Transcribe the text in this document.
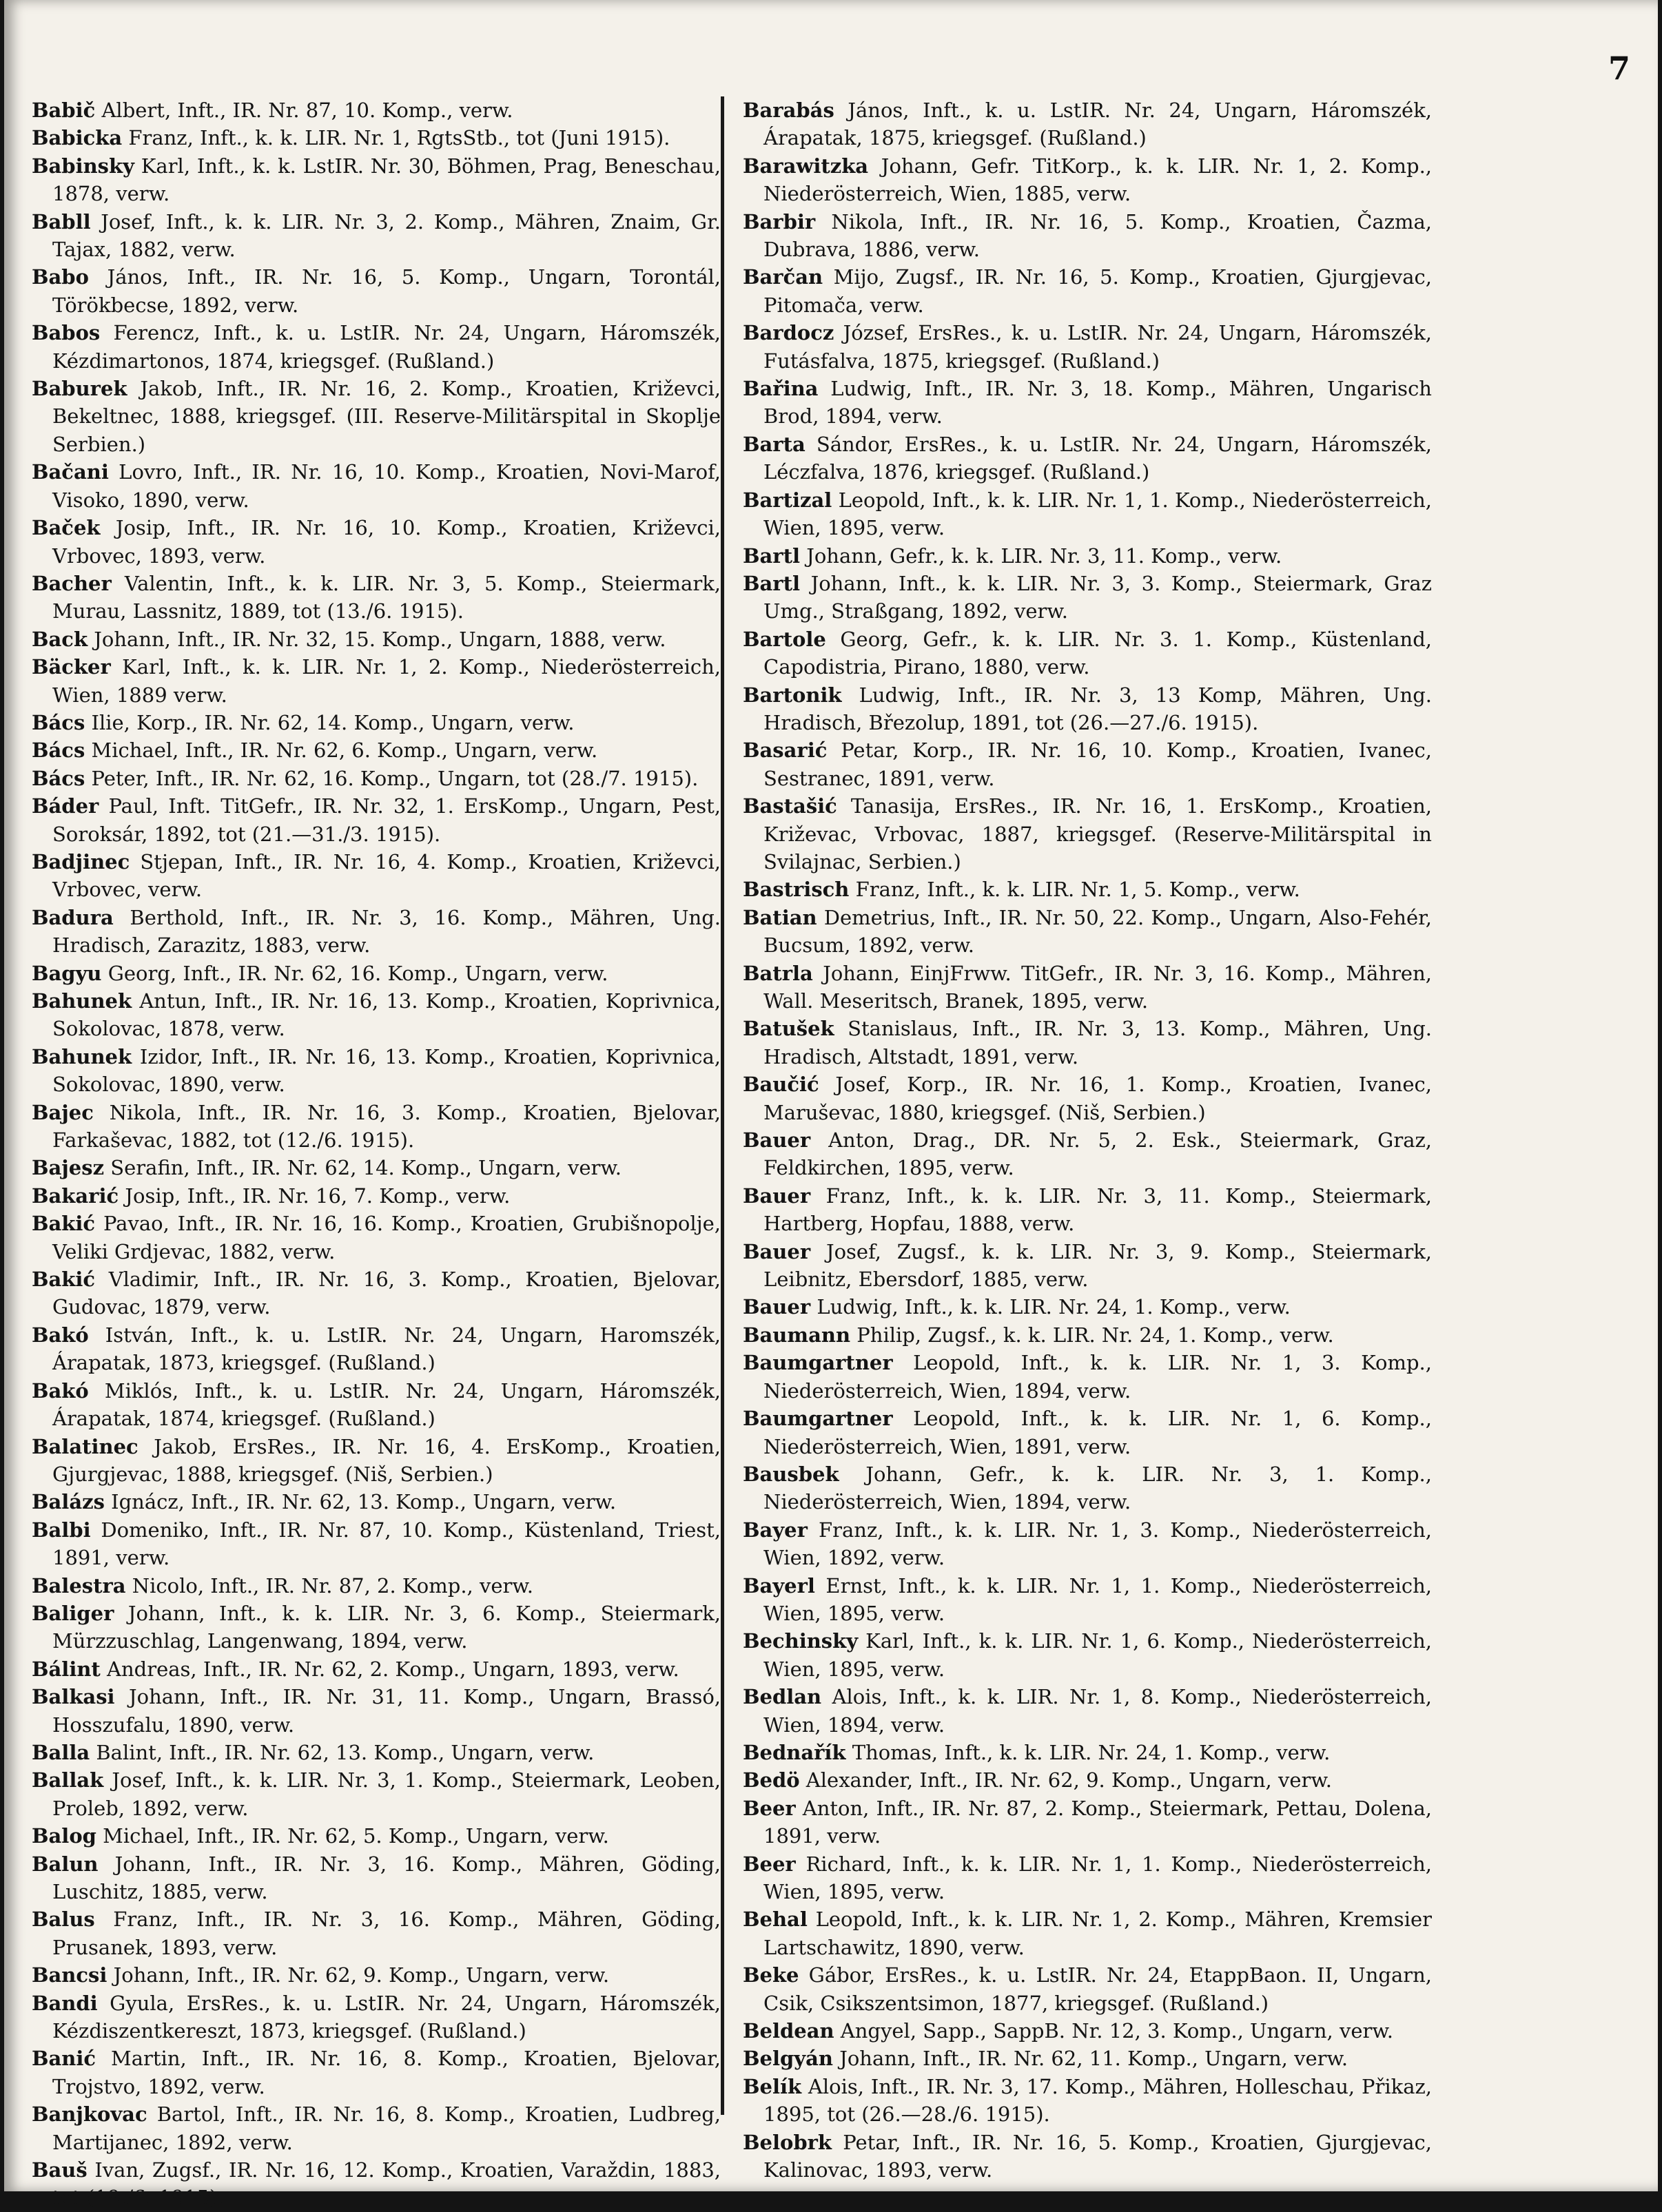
7
Babič Albert, Inft., IR. Nr. 87, 10. Komp., verw.
Babicka Franz, Inft., k. k. LIR. Nr. 1, RgtsStb., tot (Juni 1915).
Babinsky Karl, Inft., k. k. LstIR. Nr. 30, Böhmen, Prag, Beneschau, 1878, verw.
Babll Josef, Inft., k. k. LIR. Nr. 3, 2. Komp., Mähren, Znaim, Gr. Tajax, 1882, verw.
Babo János, Inft., IR. Nr. 16, 5. Komp., Ungarn, Torontál, Törökbecse, 1892, verw.
Babos Ferencz, Inft., k. u. LstIR. Nr. 24, Ungarn, Háromszék, Kézdimartonos, 1874, kriegsgef. (Rußland.)
Baburek Jakob, Inft., IR. Nr. 16, 2. Komp., Kroatien, Križevci, Bekeltnec, 1888, kriegsgef. (III. Reserve-Militärspital in Skoplje Serbien.)
Bačani Lovro, Inft., IR. Nr. 16, 10. Komp., Kroatien, Novi-Marof, Visoko, 1890, verw.
Baček Josip, Inft., IR. Nr. 16, 10. Komp., Kroatien, Križevci, Vrbovec, 1893, verw.
Bacher Valentin, Inft., k. k. LIR. Nr. 3, 5. Komp., Steiermark, Murau, Lassnitz, 1889, tot (13./6. 1915).
Back Johann, Inft., IR. Nr. 32, 15. Komp., Ungarn, 1888, verw.
Bäcker Karl, Inft., k. k. LIR. Nr. 1, 2. Komp., Niederösterreich, Wien, 1889 verw.
Bács Ilie, Korp., IR. Nr. 62, 14. Komp., Ungarn, verw.
Bács Michael, Inft., IR. Nr. 62, 6. Komp., Ungarn, verw.
Bács Peter, Inft., IR. Nr. 62, 16. Komp., Ungarn, tot (28./7. 1915).
Báder Paul, Inft. TitGefr., IR. Nr. 32, 1. ErsKomp., Ungarn, Pest, Soroksár, 1892, tot (21.—31./3. 1915).
Badjinec Stjepan, Inft., IR. Nr. 16, 4. Komp., Kroatien, Križevci, Vrbovec, verw.
Badura Berthold, Inft., IR. Nr. 3, 16. Komp., Mähren, Ung. Hradisch, Zarazitz, 1883, verw.
Bagyu Georg, Inft., IR. Nr. 62, 16. Komp., Ungarn, verw.
Bahunek Antun, Inft., IR. Nr. 16, 13. Komp., Kroatien, Koprivnica, Sokolovac, 1878, verw.
Bahunek Izidor, Inft., IR. Nr. 16, 13. Komp., Kroatien, Koprivnica, Sokolovac, 1890, verw.
Bajec Nikola, Inft., IR. Nr. 16, 3. Komp., Kroatien, Bjelovar, Farkaševac, 1882, tot (12./6. 1915).
Bajesz Serafin, Inft., IR. Nr. 62, 14. Komp., Ungarn, verw.
Bakarić Josip, Inft., IR. Nr. 16, 7. Komp., verw.
Bakić Pavao, Inft., IR. Nr. 16, 16. Komp., Kroatien, Grubišnopolje, Veliki Grdjevac, 1882, verw.
Bakić Vladimir, Inft., IR. Nr. 16, 3. Komp., Kroatien, Bjelovar, Gudovac, 1879, verw.
Bakó István, Inft., k. u. LstIR. Nr. 24, Ungarn, Haromszék, Árapatak, 1873, kriegsgef. (Rußland.)
Bakó Miklós, Inft., k. u. LstIR. Nr. 24, Ungarn, Háromszék, Árapatak, 1874, kriegsgef. (Rußland.)
Balatinec Jakob, ErsRes., IR. Nr. 16, 4. ErsKomp., Kroatien, Gjurgjevac, 1888, kriegsgef. (Niš, Serbien.)
Balázs Ignácz, Inft., IR. Nr. 62, 13. Komp., Ungarn, verw.
Balbi Domeniko, Inft., IR. Nr. 87, 10. Komp., Küstenland, Triest, 1891, verw.
Balestra Nicolo, Inft., IR. Nr. 87, 2. Komp., verw.
Baliger Johann, Inft., k. k. LIR. Nr. 3, 6. Komp., Steiermark, Mürzzuschlag, Langenwang, 1894, verw.
Bálint Andreas, Inft., IR. Nr. 62, 2. Komp., Ungarn, 1893, verw.
Balkasi Johann, Inft., IR. Nr. 31, 11. Komp., Ungarn, Brassó, Hosszufalu, 1890, verw.
Balla Balint, Inft., IR. Nr. 62, 13. Komp., Ungarn, verw.
Ballak Josef, Inft., k. k. LIR. Nr. 3, 1. Komp., Steiermark, Leoben, Proleb, 1892, verw.
Balog Michael, Inft., IR. Nr. 62, 5. Komp., Ungarn, verw.
Balun Johann, Inft., IR. Nr. 3, 16. Komp., Mähren, Göding, Luschitz, 1885, verw.
Balus Franz, Inft., IR. Nr. 3, 16. Komp., Mähren, Göding, Prusanek, 1893, verw.
Bancsi Johann, Inft., IR. Nr. 62, 9. Komp., Ungarn, verw.
Bandi Gyula, ErsRes., k. u. LstIR. Nr. 24, Ungarn, Háromszék, Kézdiszentkereszt, 1873, kriegsgef. (Rußland.)
Banić Martin, Inft., IR. Nr. 16, 8. Komp., Kroatien, Bjelovar, Trojstvo, 1892, verw.
Banjkovac Bartol, Inft., IR. Nr. 16, 8. Komp., Kroatien, Ludbreg, Martijanec, 1892, verw.
Bauš Ivan, Zugsf., IR. Nr. 16, 12. Komp., Kroatien, Varaždin, 1883, tot (19./6. 1915).
Barabás János, Inft., k. u. LstIR. Nr. 24, Ungarn, Háromszék, Árapatak, 1875, kriegsgef. (Rußland.)
Barawitzka Johann, Gefr. TitKorp., k. k. LIR. Nr. 1, 2. Komp., Niederösterreich, Wien, 1885, verw.
Barbir Nikola, Inft., IR. Nr. 16, 5. Komp., Kroatien, Čazma, Dubrava, 1886, verw.
Barčan Mijo, Zugsf., IR. Nr. 16, 5. Komp., Kroatien, Gjurgjevac, Pitomača, verw.
Bardocz József, ErsRes., k. u. LstIR. Nr. 24, Ungarn, Háromszék, Futásfalva, 1875, kriegsgef. (Rußland.)
Bařina Ludwig, Inft., IR. Nr. 3, 18. Komp., Mähren, Ungarisch Brod, 1894, verw.
Barta Sándor, ErsRes., k. u. LstIR. Nr. 24, Ungarn, Háromszék, Léczfalva, 1876, kriegsgef. (Rußland.)
Bartizal Leopold, Inft., k. k. LIR. Nr. 1, 1. Komp., Niederösterreich, Wien, 1895, verw.
Bartl Johann, Gefr., k. k. LIR. Nr. 3, 11. Komp., verw.
Bartl Johann, Inft., k. k. LIR. Nr. 3, 3. Komp., Steiermark, Graz Umg., Straßgang, 1892, verw.
Bartole Georg, Gefr., k. k. LIR. Nr. 3. 1. Komp., Küstenland, Capodistria, Pirano, 1880, verw.
Bartonik Ludwig, Inft., IR. Nr. 3, 13 Komp, Mähren, Ung. Hradisch, Březolup, 1891, tot (26.—27./6. 1915).
Basarić Petar, Korp., IR. Nr. 16, 10. Komp., Kroatien, Ivanec, Sestranec, 1891, verw.
Bastašić Tanasija, ErsRes., IR. Nr. 16, 1. ErsKomp., Kroatien, Križevac, Vrbovac, 1887, kriegsgef. (Reserve-Militärspital in Svilajnac, Serbien.)
Bastrisch Franz, Inft., k. k. LIR. Nr. 1, 5. Komp., verw.
Batian Demetrius, Inft., IR. Nr. 50, 22. Komp., Ungarn, Also-Fehér, Bucsum, 1892, verw.
Batrla Johann, EinjFrww. TitGefr., IR. Nr. 3, 16. Komp., Mähren, Wall. Meseritsch, Branek, 1895, verw.
Batušek Stanislaus, Inft., IR. Nr. 3, 13. Komp., Mähren, Ung. Hradisch, Altstadt, 1891, verw.
Baučić Josef, Korp., IR. Nr. 16, 1. Komp., Kroatien, Ivanec, Maruševac, 1880, kriegsgef. (Niš, Serbien.)
Bauer Anton, Drag., DR. Nr. 5, 2. Esk., Steiermark, Graz, Feldkirchen, 1895, verw.
Bauer Franz, Inft., k. k. LIR. Nr. 3, 11. Komp., Steiermark, Hartberg, Hopfau, 1888, verw.
Bauer Josef, Zugsf., k. k. LIR. Nr. 3, 9. Komp., Steiermark, Leibnitz, Ebersdorf, 1885, verw.
Bauer Ludwig, Inft., k. k. LIR. Nr. 24, 1. Komp., verw.
Baumann Philip, Zugsf., k. k. LIR. Nr. 24, 1. Komp., verw.
Baumgartner Leopold, Inft., k. k. LIR. Nr. 1, 3. Komp., Niederösterreich, Wien, 1894, verw.
Baumgartner Leopold, Inft., k. k. LIR. Nr. 1, 6. Komp., Niederösterreich, Wien, 1891, verw.
Bausbek Johann, Gefr., k. k. LIR. Nr. 3, 1. Komp., Niederösterreich, Wien, 1894, verw.
Bayer Franz, Inft., k. k. LIR. Nr. 1, 3. Komp., Niederösterreich, Wien, 1892, verw.
Bayerl Ernst, Inft., k. k. LIR. Nr. 1, 1. Komp., Niederösterreich, Wien, 1895, verw.
Bechinsky Karl, Inft., k. k. LIR. Nr. 1, 6. Komp., Niederösterreich, Wien, 1895, verw.
Bedlan Alois, Inft., k. k. LIR. Nr. 1, 8. Komp., Niederösterreich, Wien, 1894, verw.
Bednařík Thomas, Inft., k. k. LIR. Nr. 24, 1. Komp., verw.
Bedö Alexander, Inft., IR. Nr. 62, 9. Komp., Ungarn, verw.
Beer Anton, Inft., IR. Nr. 87, 2. Komp., Steiermark, Pettau, Dolena, 1891, verw.
Beer Richard, Inft., k. k. LIR. Nr. 1, 1. Komp., Niederösterreich, Wien, 1895, verw.
Behal Leopold, Inft., k. k. LIR. Nr. 1, 2. Komp., Mähren, Kremsier Lartschawitz, 1890, verw.
Beke Gábor, ErsRes., k. u. LstIR. Nr. 24, EtappBaon. II, Ungarn, Csik, Csikszentsimon, 1877, kriegsgef. (Rußland.)
Beldean Angyel, Sapp., SappB. Nr. 12, 3. Komp., Ungarn, verw.
Belgyán Johann, Inft., IR. Nr. 62, 11. Komp., Ungarn, verw.
Belík Alois, Inft., IR. Nr. 3, 17. Komp., Mähren, Holleschau, Přikaz, 1895, tot (26.—28./6. 1915).
Belobrk Petar, Inft., IR. Nr. 16, 5. Komp., Kroatien, Gjurgjevac, Kalinovac, 1893, verw.
